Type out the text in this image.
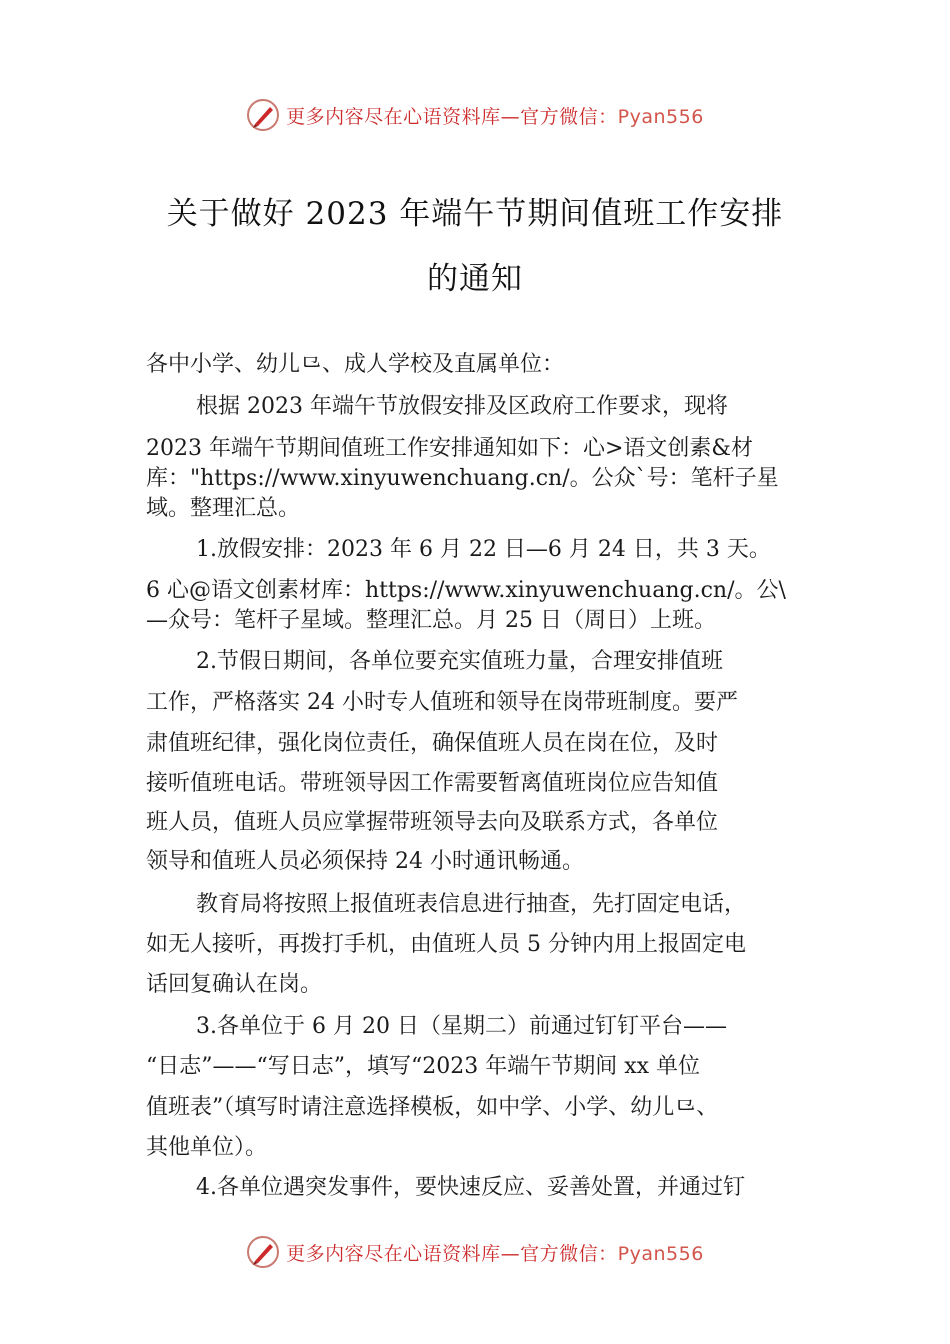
更多内容尽在心语资料库—官方微信：Pyan556
关于做好 2023 年端午节期间值班工作安排
的通知
各中小学、幼儿⺋、成人学校及直属单位：
根据 2023 年端午节放假安排及区政府工作要求，现将
2023 年端午节期间值班工作安排通知如下：心>语文创素&材
库："https://www.xinyuwenchuang.cn/。公众`号：笔杆子星
域。整理汇总。
1.放假安排：2023 年 6 月 22 日—6 月 24 日，共 3 天。
6 心@语文创素材库：https://www.xinyuwenchuang.cn/。公\
—众号：笔杆子星域。整理汇总。月 25 日（周日）上班。
2.节假日期间，各单位要充实值班力量，合理安排值班
工作，严格落实 24 小时专人值班和领导在岗带班制度。要严
肃值班纪律，强化岗位责任，确保值班人员在岗在位，及时
接听值班电话。带班领导因工作需要暂离值班岗位应告知值
班人员，值班人员应掌握带班领导去向及联系方式，各单位
领导和值班人员必须保持 24 小时通讯畅通。
教育局将按照上报值班表信息进行抽查，先打固定电话，
如无人接听，再拨打手机，由值班人员 5 分钟内用上报固定电
话回复确认在岗。
3.各单位于 6 月 20 日（星期二）前通过钉钉平台——
“日志”——“写日志”，填写“2023 年端午节期间 xx 单位
值班表”（填写时请注意选择模板，如中学、小学、幼儿⺋、
其他单位）。
4.各单位遇突发事件，要快速反应、妥善处置，并通过钉
更多内容尽在心语资料库—官方微信：Pyan556
